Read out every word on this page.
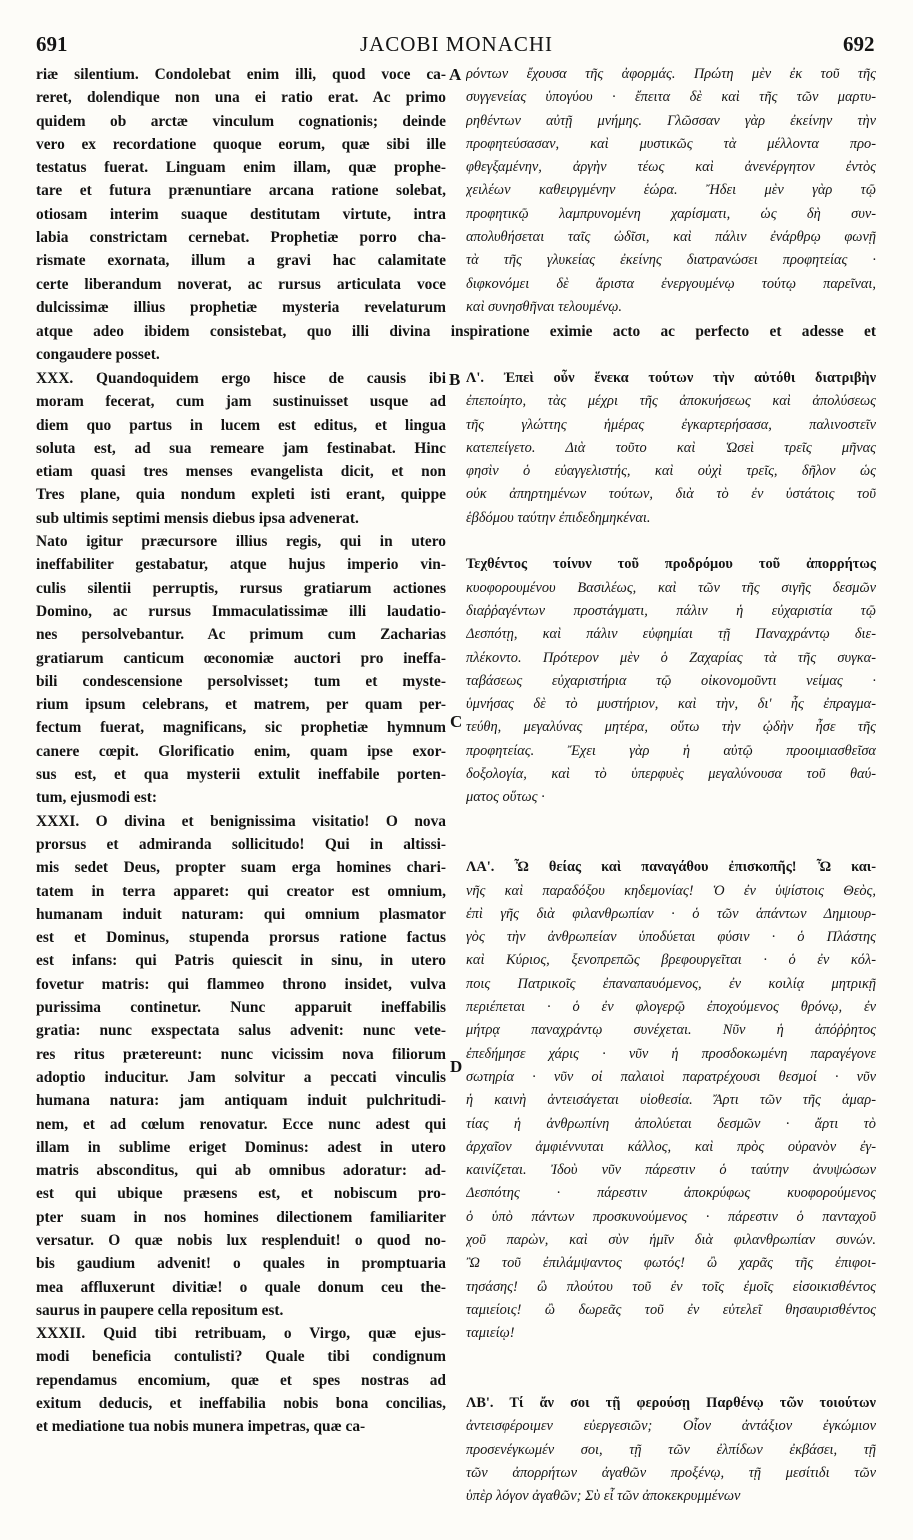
691	JACOBI MONACHI	692

riæ silentium. Condolebat enim illi, quod voce ca-

reret, dolendique non una ei ratio erat. Ac primo

quidem ob arctæ vinculum cognationis; deinde

vero ex recordatione quoque eorum, quæ sibi ille

testatus fuerat. Linguam enim illam, quæ prophe-

tare et futura prænuntiare arcana ratione solebat,

otiosam interim suaque destitutam virtute, intra

labia constrictam cernebat. Prophetiæ porro cha-

rismate exornata, illum a gravi hac calamitate

certe liberandum noverat, ac rursus articulata voce

dulcissimæ illius prophetiæ mysteria revelaturum

ρόντων ἔχουσα τῆς ἀφορμάς. Πρώτη μὲν ἐκ τοῦ τῆς

συγγενείας ὑπογύου · ἔπειτα δὲ καὶ τῆς τῶν μαρτυ-

ρηθέντων αὐτῇ μνήμης. Γλῶσσαν γὰρ ἐκείνην τὴν

προφητεύσασαν, καὶ μυστικῶς τὰ μέλλοντα προ-

φθεγξαμένην, ἀργὴν τέως καὶ ἀνενέργητον ἐντὸς

χειλέων καθειργμένην ἑώρα. Ἤδει μὲν γὰρ τῷ

προφητικῷ λαμπρυνομένη χαρίσματι, ὡς δὴ συν-

απολυθήσεται ταῖς ὠδῖσι, καὶ πάλιν ἐνάρθρῳ φωνῇ

τὰ τῆς γλυκείας ἐκείνης διατρανώσει προφητείας ·

διφκονόμει δὲ ἄριστα ἐνεργουμένῳ τούτῳ παρεῖναι,

καὶ συνησθῆναι τελουμένῳ.

atque adeo ibidem consistebat, quo illi divina inspiratione eximie acto ac perfecto et adesse et

congaudere posset.

XXX. Quandoquidem ergo hisce de causis ibi

moram fecerat, cum jam sustinuisset usque ad

diem quo partus in lucem est editus, et lingua

soluta est, ad sua remeare jam festinabat. Hinc

etiam quasi tres menses evangelista dicit, et non

Tres plane, quia nondum expleti isti erant, quippe

sub ultimis septimi mensis diebus ipsa advenerat.

Nato igitur præcursore illius regis, qui in utero

ineffabiliter gestabatur, atque hujus imperio vin-

culis silentii perruptis, rursus gratiarum actiones

Domino, ac rursus Immaculatissimæ illi laudatio-

nes persolvebantur. Ac primum cum Zacharias

gratiarum canticum œconomiæ auctori pro ineffa-

bili condescensione persolvisset; tum et myste-

rium ipsum celebrans, et matrem, per quam per-

fectum fuerat, magnificans, sic prophetiæ hymnum

canere cœpit. Glorificatio enim, quam ipse exor-

sus est, et qua mysterii extulit ineffabile porten-

tum, ejusmodi est:

XXXI. O divina et benignissima visitatio! O nova

prorsus et admiranda sollicitudo! Qui in altissi-

mis sedet Deus, propter suam erga homines chari-

tatem in terra apparet: qui creator est omnium,

humanam induit naturam: qui omnium plasmator

est et Dominus, stupenda prorsus ratione factus

est infans: qui Patris quiescit in sinu, in utero

fovetur matris: qui flammeo throno insidet, vulva

purissima continetur. Nunc apparuit ineffabilis

gratia: nunc exspectata salus advenit: nunc vete-

res ritus prætereunt: nunc vicissim nova filiorum

adoptio inducitur. Jam solvitur a peccati vinculis

humana natura: jam antiquam induit pulchritudi-

nem, et ad cœlum renovatur. Ecce nunc adest qui

illam in sublime eriget Dominus: adest in utero

matris absconditus, qui ab omnibus adoratur: ad-

est qui ubique præsens est, et nobiscum pro-

pter suam in nos homines dilectionem familiariter

versatur. O quæ nobis lux resplenduit! o quod no-

bis gaudium advenit! o quales in promptuaria

mea affluxerunt divitiæ! o quale donum ceu the-

saurus in paupere cella repositum est.

XXXII. Quid tibi retribuam, o Virgo, quæ ejus-

modi beneficia contulisti? Quale tibi condignum

rependamus encomium, quæ et spes nostras ad

exitum deducis, et ineffabilia nobis bona concilias,

et mediatione tua nobis munera impetras, quæ ca-

Λ'. Ἐπεὶ οὖν ἕνεκα τούτων τὴν αὐτόθι διατριβὴν

ἐπεποίητο, τὰς μέχρι τῆς ἀποκυήσεως καὶ ἀπολύσεως

τῆς γλώττης ἡμέρας ἐγκαρτερήσασα, παλινοστεῖν

κατεπείγετο. Διὰ τοῦτο καὶ Ὡσεὶ τρεῖς μῆνας

φησὶν ὁ εὐαγγελιστής, καὶ οὐχὶ τρεῖς, δῆλον ὡς

οὐκ ἀπηρτημένων τούτων, διὰ τὸ ἐν ὑστάτοις τοῦ

ἑβδόμου ταύτην ἐπιδεδημηκέναι.

Τεχθέντος τοίνυν τοῦ προδρόμου τοῦ ἀπορρήτως

κυοφορουμένου Βασιλέως, καὶ τῶν τῆς σιγῆς δεσμῶν

διαῤῥαγέντων προστάγματι, πάλιν ἡ εὐχαριστία τῷ

Δεσπότῃ, καὶ πάλιν εὐφημίαι τῇ Παναχράντῳ διε-

πλέκοντο. Πρότερον μὲν ὁ Ζαχαρίας τὰ τῆς συγκα-

ταβάσεως εὐχαριστήρια τῷ οἰκονομοῦντι νείμας ·

ὑμνήσας δὲ τὸ μυστήριον, καὶ τὴν, δι' ἧς ἐπραγμα-

τεύθη, μεγαλύνας μητέρα, οὕτω τὴν ᾠδὴν ἦσε τῆς

προφητείας. Ἔχει γὰρ ἡ αὐτῷ προοιμιασθεῖσα

δοξολογία, καὶ τὸ ὑπερφυὲς μεγαλύνουσα τοῦ θαύ-

ματος οὕτως ·

ΛΑ'. Ὦ θείας καὶ παναγάθου ἐπισκοπῆς! Ὦ και-

νῆς καὶ παραδόξου κηδεμονίας! Ὁ ἐν ὑψίστοις Θεὸς,

ἐπὶ γῆς διὰ φιλανθρωπίαν · ὁ τῶν ἁπάντων Δημιουρ-

γὸς τὴν ἀνθρωπείαν ὑποδύεται φύσιν · ὁ Πλάστης

καὶ Κύριος, ξενοπρεπῶς βρεφουργεῖται · ὁ ἐν κόλ-

ποις Πατρικοῖς ἐπαναπαυόμενος, ἐν κοιλίᾳ μητρικῇ

περιέπεται · ὁ ἐν φλογερῷ ἐποχούμενος θρόνῳ, ἐν

μήτρᾳ παναχράντῳ συνέχεται. Νῦν ἡ ἀπόῤῥητος

ἐπεδήμησε χάρις · νῦν ἡ προσδοκωμένη παραγέγονε

σωτηρία · νῦν οἱ παλαιοὶ παρατρέχουσι θεσμοί · νῦν

ἡ καινὴ ἀντεισάγεται υἱοθεσία. Ἄρτι τῶν τῆς ἁμαρ-

τίας ἡ ἀνθρωπίνη ἀπολύεται δεσμῶν · ἄρτι τὸ

ἀρχαῖον ἀμφιέννυται κάλλος, καὶ πρὸς οὐρανὸν ἐγ-

καινίζεται. Ἰδοὺ νῦν πάρεστιν ὁ ταύτην ἀνυψώσων

Δεσπότης · πάρεστιν ἀποκρύφως κυοφορούμενος

ὁ ὑπὸ πάντων προσκυνούμενος · πάρεστιν ὁ πανταχοῦ

χοῦ παρὼν, καὶ σὺν ἡμῖν διὰ φιλανθρωπίαν συνών.

Ὢ τοῦ ἐπιλάμψαντος φωτός! ὢ χαρᾶς τῆς ἐπιφοι-

τησάσης! ὢ πλούτου τοῦ ἐν τοῖς ἐμοῖς εἰσοικισθέντος

ταμιείοις! ὢ δωρεᾶς τοῦ ἐν εὐτελεῖ θησαυρισθέντος

ταμιείῳ!

ΛΒ'. Τί ἄν σοι τῇ φερούσῃ Παρθένῳ τῶν τοιούτων

ἀντεισφέροιμεν εὐεργεσιῶν; Οἷον ἀντάξιον ἐγκώμιον

προσενέγκωμέν σοι, τῇ τῶν ἐλπίδων ἐκβάσει, τῇ

τῶν ἀπορρήτων ἀγαθῶν προξένῳ, τῇ μεσίτιδι τῶν

ὑπὲρ λόγον ἀγαθῶν; Σὺ εἶ τῶν ἀποκεκρυμμένων

A
B
C
D
